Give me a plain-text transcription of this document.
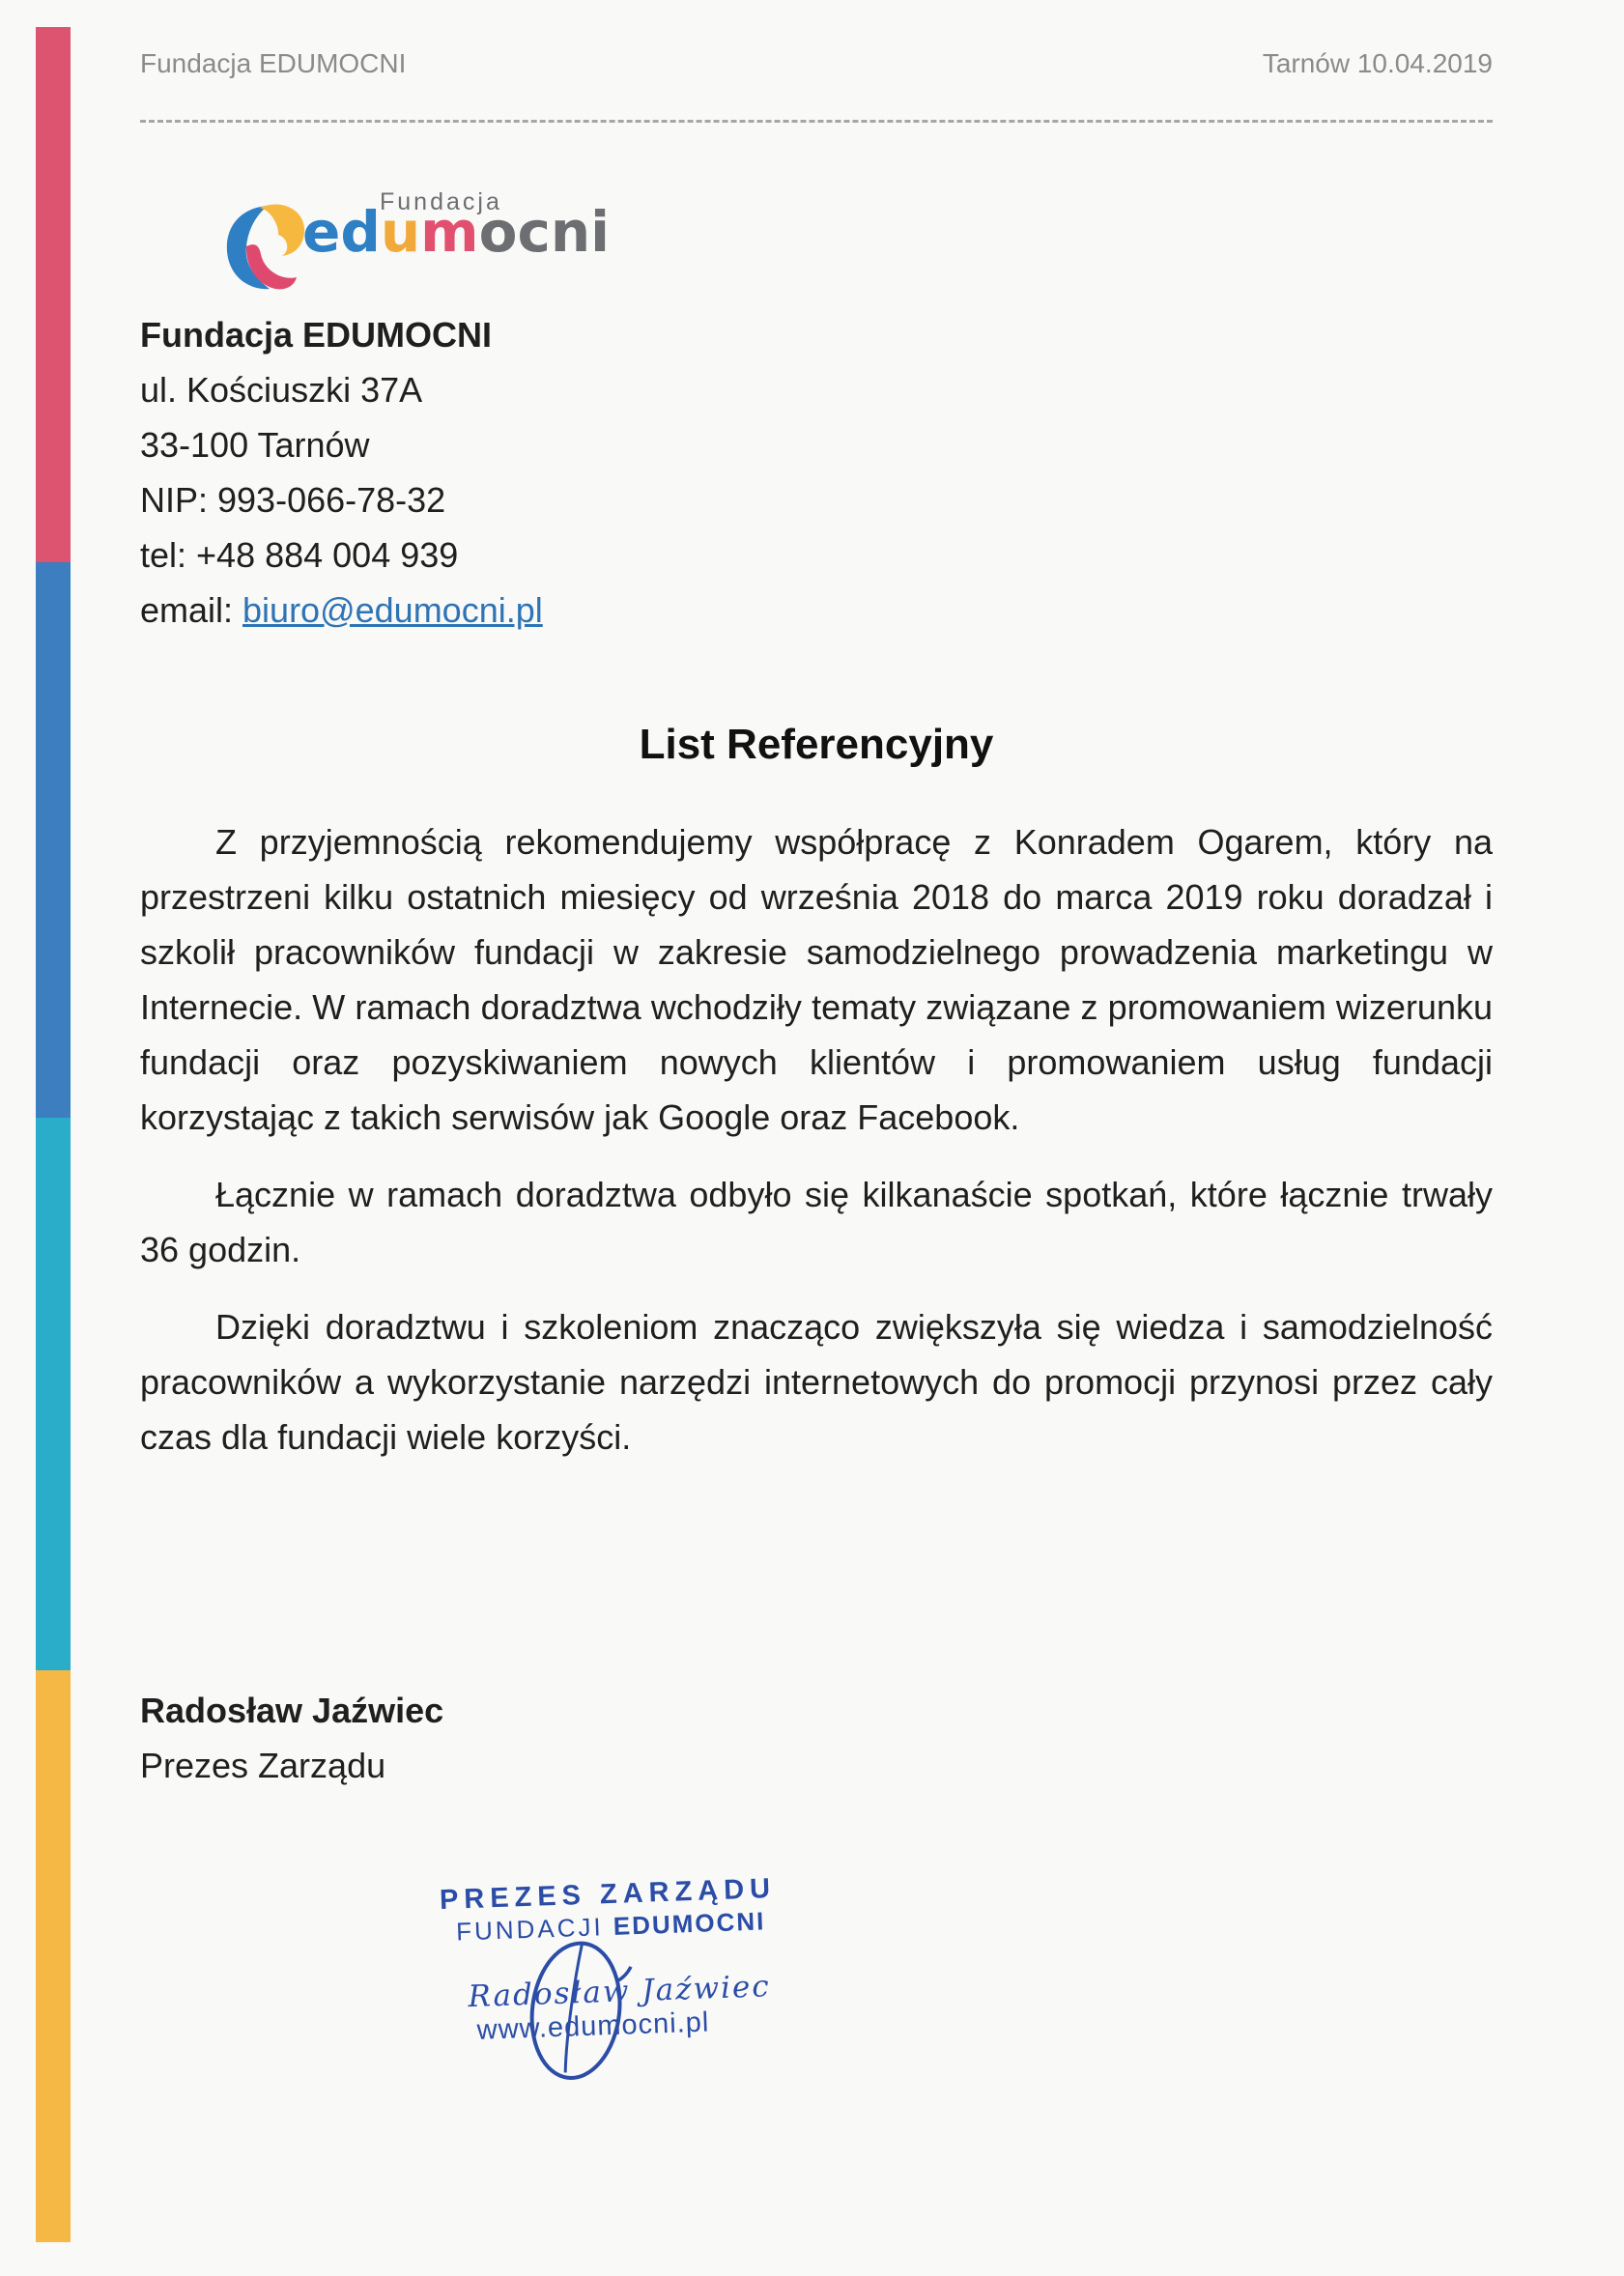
Fundacja EDUMOCNI	Tarnów 10.04.2019
Fundacja
edumocni
Fundacja EDUMOCNI
ul. Kościuszki 37A
33-100 Tarnów
NIP: 993-066-78-32
tel: +48 884 004 939
email: biuro@edumocni.pl
List Referencyjny

Z przyjemnością rekomendujemy współpracę z Konradem Ogarem, który na przestrzeni kilku ostatnich miesięcy od września 2018 do marca 2019 roku doradzał i szkolił pracowników fundacji w zakresie samodzielnego prowadzenia marketingu w Internecie. W ramach doradztwa wchodziły tematy związane z promowaniem wizerunku fundacji oraz pozyskiwaniem nowych klientów i promowaniem usług fundacji korzystając z takich serwisów jak Google oraz Facebook.

Łącznie w ramach doradztwa odbyło się kilkanaście spotkań, które łącznie trwały 36 godzin.

Dzięki doradztwu i szkoleniom znacząco zwiększyła się wiedza i samodzielność pracowników a wykorzystanie narzędzi internetowych do promocji przynosi przez cały czas dla fundacji wiele korzyści.

Radosław Jaźwiec
Prezes Zarządu
PREZES ZARZĄDU
FUNDACJI EDUMOCNI
Radosław Jaźwiec
www.edumocni.pl
